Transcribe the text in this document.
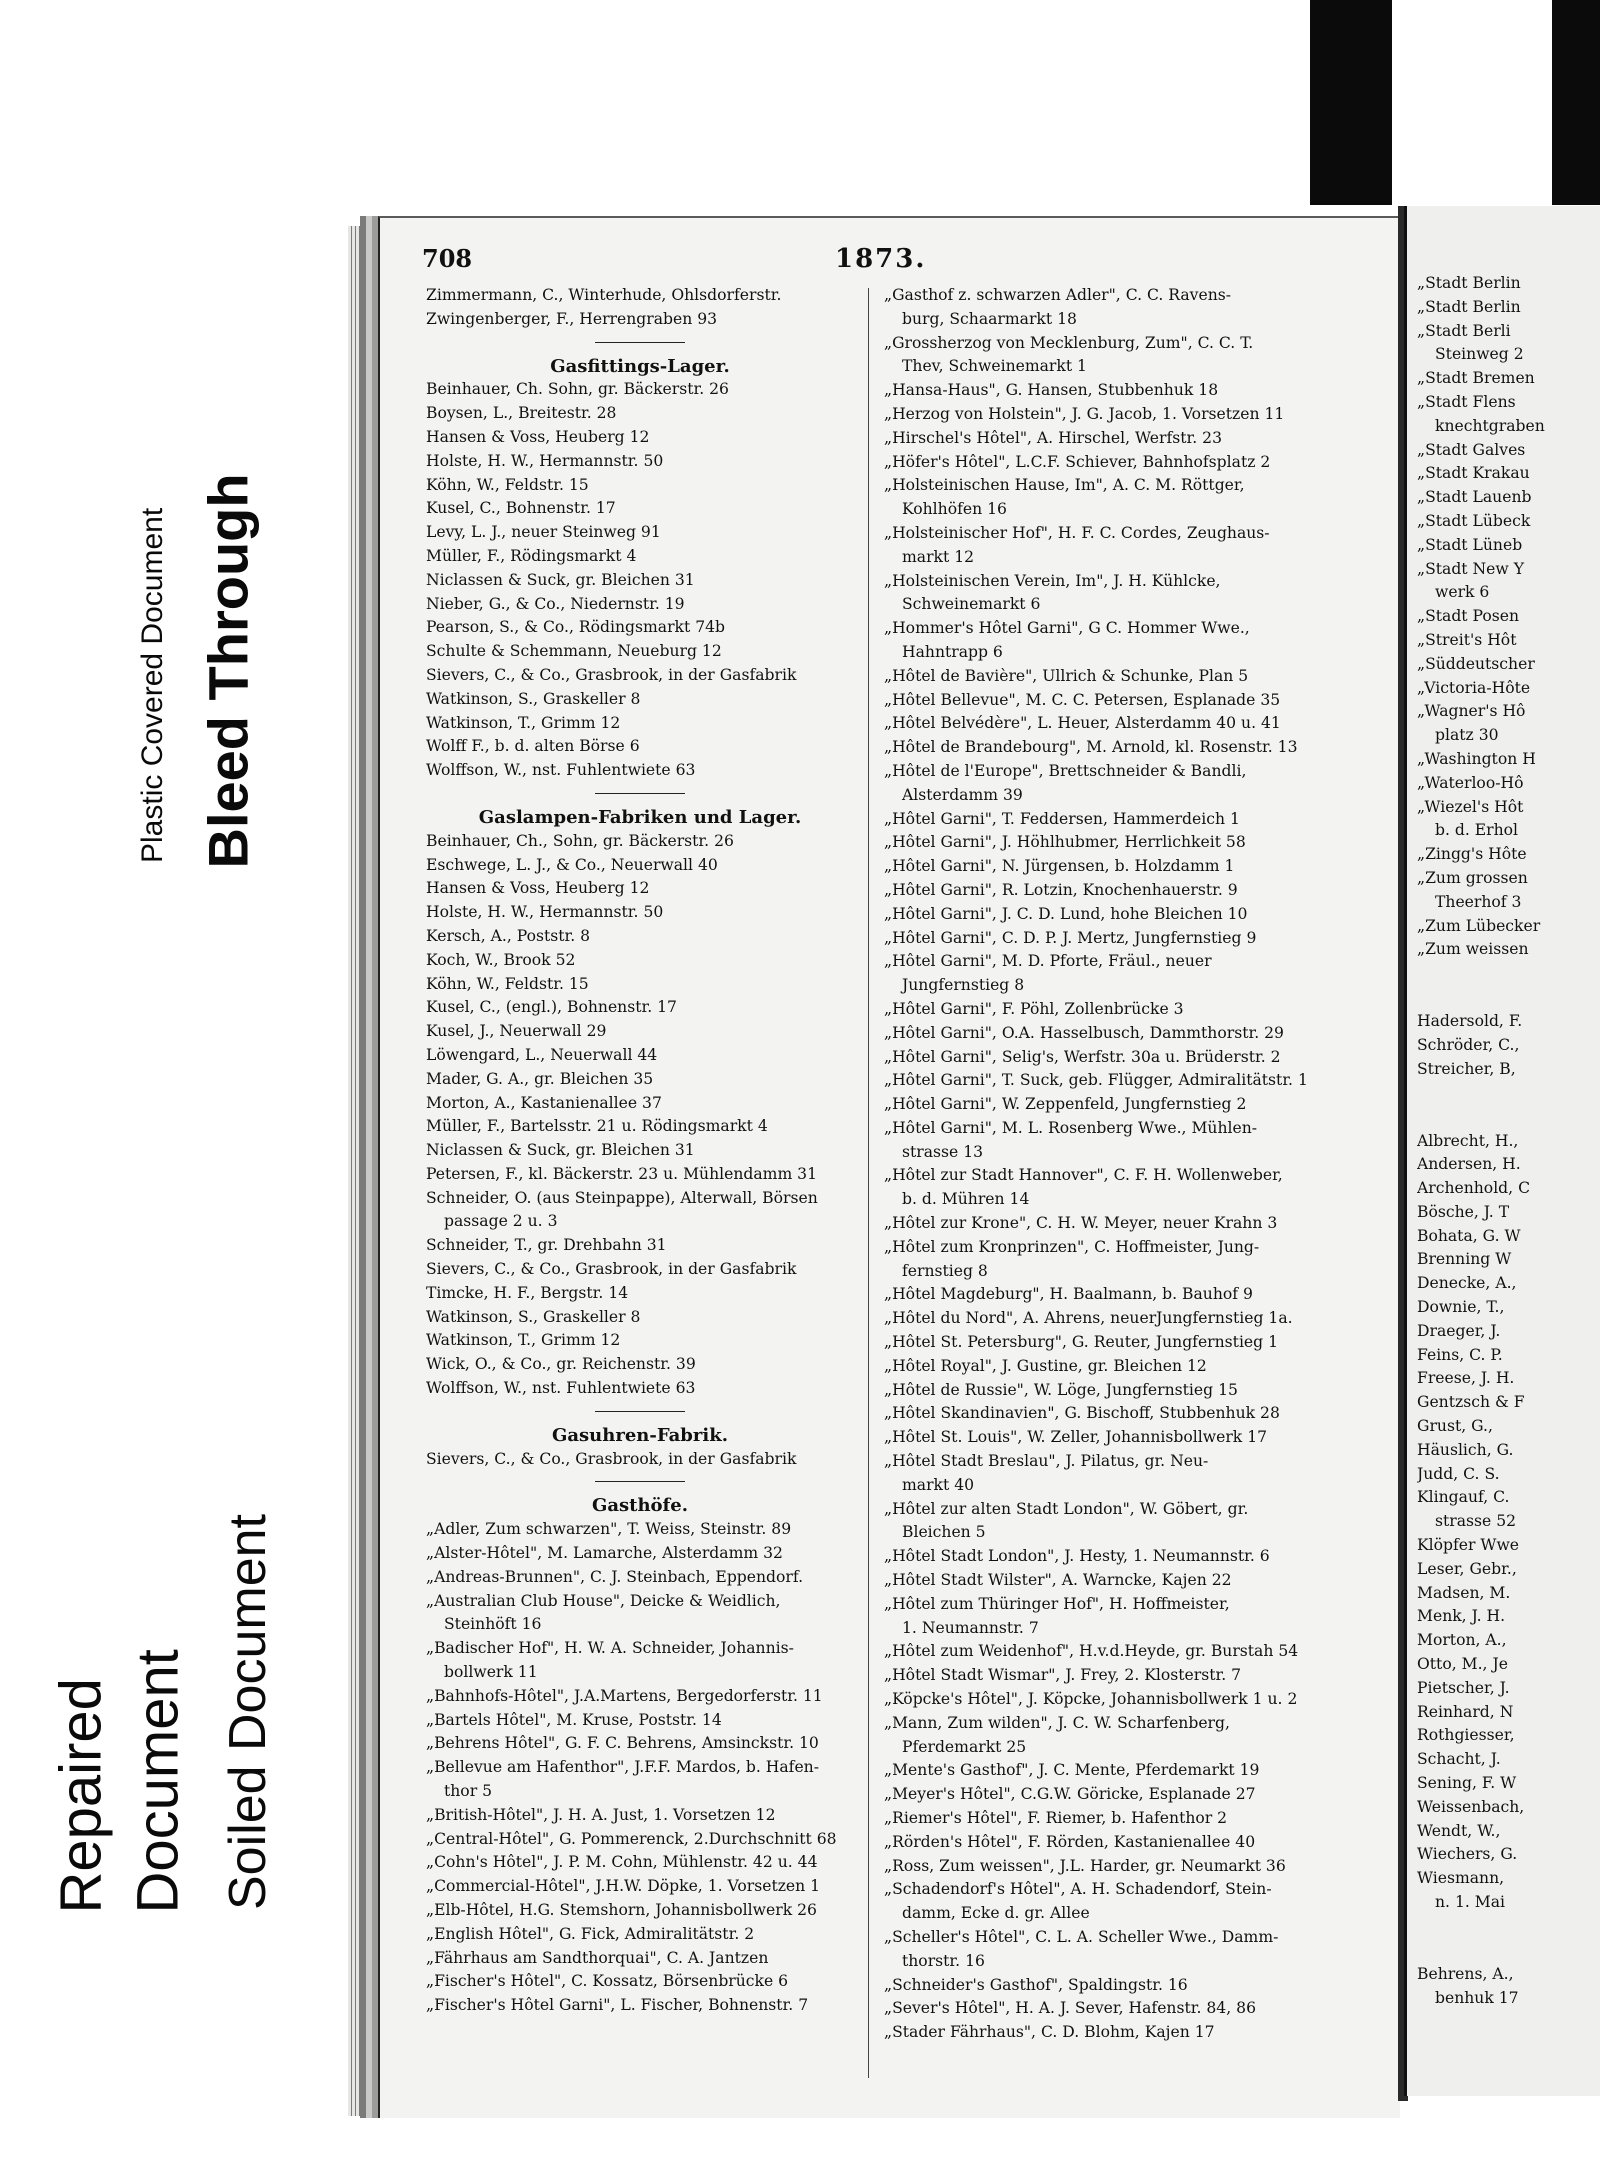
Plastic Covered Document Bleed Through
Repaired Document Soiled Document
708	1873.
Zimmermann, C., Winterhude, Ohlsdorferstr.
Zwingenberger, F., Herrengraben 93
Gasfittings-Lager.
Beinhauer, Ch. Sohn, gr. Bäckerstr. 26
Boysen, L., Breitestr. 28
Hansen & Voss, Heuberg 12
Holste, H. W., Hermannstr. 50
Köhn, W., Feldstr. 15
Kusel, C., Bohnenstr. 17
Levy, L. J., neuer Steinweg 91
Müller, F., Rödingsmarkt 4
Niclassen & Suck, gr. Bleichen 31
Nieber, G., & Co., Niedernstr. 19
Pearson, S., & Co., Rödingsmarkt 74b
Schulte & Schemmann, Neueburg 12
Sievers, C., & Co., Grasbrook, in der Gasfabrik
Watkinson, S., Graskeller 8
Watkinson, T., Grimm 12
Wolff F., b. d. alten Börse 6
Wolffson, W., nst. Fuhlentwiete 63
Gaslampen-Fabriken und Lager.
Beinhauer, Ch., Sohn, gr. Bäckerstr. 26
Eschwege, L. J., & Co., Neuerwall 40
Hansen & Voss, Heuberg 12
Holste, H. W., Hermannstr. 50
Kersch, A., Poststr. 8
Koch, W., Brook 52
Köhn, W., Feldstr. 15
Kusel, C., (engl.), Bohnenstr. 17
Kusel, J., Neuerwall 29
Löwengard, L., Neuerwall 44
Mader, G. A., gr. Bleichen 35
Morton, A., Kastanienallee 37
Müller, F., Bartelsstr. 21 u. Rödingsmarkt 4
Niclassen & Suck, gr. Bleichen 31
Petersen, F., kl. Bäckerstr. 23 u. Mühlendamm 31
Schneider, O. (aus Steinpappe), Alterwall, Börsen
passage 2 u. 3
Schneider, T., gr. Drehbahn 31
Sievers, C., & Co., Grasbrook, in der Gasfabrik
Timcke, H. F., Bergstr. 14
Watkinson, S., Graskeller 8
Watkinson, T., Grimm 12
Wick, O., & Co., gr. Reichenstr. 39
Wolffson, W., nst. Fuhlentwiete 63
Gasuhren-Fabrik.
Sievers, C., & Co., Grasbrook, in der Gasfabrik
Gasthöfe.
„Adler, Zum schwarzen", T. Weiss, Steinstr. 89
„Alster-Hôtel", M. Lamarche, Alsterdamm 32
„Andreas-Brunnen", C. J. Steinbach, Eppendorf.
„Australian Club House", Deicke & Weidlich,
Steinhöft 16
„Badischer Hof", H. W. A. Schneider, Johannis-
bollwerk 11
„Bahnhofs-Hôtel", J.A.Martens, Bergedorferstr. 11
„Bartels Hôtel", M. Kruse, Poststr. 14
„Behrens Hôtel", G. F. C. Behrens, Amsinckstr. 10
„Bellevue am Hafenthor", J.F.F. Mardos, b. Hafen-
thor 5
„British-Hôtel", J. H. A. Just, 1. Vorsetzen 12
„Central-Hôtel", G. Pommerenck, 2.Durchschnitt 68
„Cohn's Hôtel", J. P. M. Cohn, Mühlenstr. 42 u. 44
„Commercial-Hôtel", J.H.W. Döpke, 1. Vorsetzen 1
„Elb-Hôtel, H.G. Stemshorn, Johannisbollwerk 26
„English Hôtel", G. Fick, Admiralitätstr. 2
„Fährhaus am Sandthorquai", C. A. Jantzen
„Fischer's Hôtel", C. Kossatz, Börsenbrücke 6
„Fischer's Hôtel Garni", L. Fischer, Bohnenstr. 7
„Gasthof z. schwarzen Adler", C. C. Ravens-
burg, Schaarmarkt 18
„Grossherzog von Mecklenburg, Zum", C. C. T.
Thev, Schweinemarkt 1
„Hansa-Haus", G. Hansen, Stubbenhuk 18
„Herzog von Holstein", J. G. Jacob, 1. Vorsetzen 11
„Hirschel's Hôtel", A. Hirschel, Werfstr. 23
„Höfer's Hôtel", L.C.F. Schiever, Bahnhofsplatz 2
„Holsteinischen Hause, Im", A. C. M. Röttger,
Kohlhöfen 16
„Holsteinischer Hof", H. F. C. Cordes, Zeughaus-
markt 12
„Holsteinischen Verein, Im", J. H. Kühlcke,
Schweinemarkt 6
„Hommer's Hôtel Garni", G C. Hommer Wwe.,
Hahntrapp 6
„Hôtel de Bavière", Ullrich & Schunke, Plan 5
„Hôtel Bellevue", M. C. C. Petersen, Esplanade 35
„Hôtel Belvédère", L. Heuer, Alsterdamm 40 u. 41
„Hôtel de Brandebourg", M. Arnold, kl. Rosenstr. 13
„Hôtel de l'Europe", Brettschneider & Bandli,
Alsterdamm 39
„Hôtel Garni", T. Feddersen, Hammerdeich 1
„Hôtel Garni", J. Höhlhubmer, Herrlichkeit 58
„Hôtel Garni", N. Jürgensen, b. Holzdamm 1
„Hôtel Garni", R. Lotzin, Knochenhauerstr. 9
„Hôtel Garni", J. C. D. Lund, hohe Bleichen 10
„Hôtel Garni", C. D. P. J. Mertz, Jungfernstieg 9
„Hôtel Garni", M. D. Pforte, Fräul., neuer
Jungfernstieg 8
„Hôtel Garni", F. Pöhl, Zollenbrücke 3
„Hôtel Garni", O.A. Hasselbusch, Dammthorstr. 29
„Hôtel Garni", Selig's, Werfstr. 30a u. Brüderstr. 2
„Hôtel Garni", T. Suck, geb. Flügger, Admiralitätstr. 1
„Hôtel Garni", W. Zeppenfeld, Jungfernstieg 2
„Hôtel Garni", M. L. Rosenberg Wwe., Mühlen-
strasse 13
„Hôtel zur Stadt Hannover", C. F. H. Wollenweber,
b. d. Mühren 14
„Hôtel zur Krone", C. H. W. Meyer, neuer Krahn 3
„Hôtel zum Kronprinzen", C. Hoffmeister, Jung-
fernstieg 8
„Hôtel Magdeburg", H. Baalmann, b. Bauhof 9
„Hôtel du Nord", A. Ahrens, neuerJungfernstieg 1a.
„Hôtel St. Petersburg", G. Reuter, Jungfernstieg 1
„Hôtel Royal", J. Gustine, gr. Bleichen 12
„Hôtel de Russie", W. Löge, Jungfernstieg 15
„Hôtel Skandinavien", G. Bischoff, Stubbenhuk 28
„Hôtel St. Louis", W. Zeller, Johannisbollwerk 17
„Hôtel Stadt Breslau", J. Pilatus, gr. Neu-
markt 40
„Hôtel zur alten Stadt London", W. Göbert, gr.
Bleichen 5
„Hôtel Stadt London", J. Hesty, 1. Neumannstr. 6
„Hôtel Stadt Wilster", A. Warncke, Kajen 22
„Hôtel zum Thüringer Hof", H. Hoffmeister,
1. Neumannstr. 7
„Hôtel zum Weidenhof", H.v.d.Heyde, gr. Burstah 54
„Hôtel Stadt Wismar", J. Frey, 2. Klosterstr. 7
„Köpcke's Hôtel", J. Köpcke, Johannisbollwerk 1 u. 2
„Mann, Zum wilden", J. C. W. Scharfenberg,
Pferdemarkt 25
„Mente's Gasthof", J. C. Mente, Pferdemarkt 19
„Meyer's Hôtel", C.G.W. Göricke, Esplanade 27
„Riemer's Hôtel", F. Riemer, b. Hafenthor 2
„Rörden's Hôtel", F. Rörden, Kastanienallee 40
„Ross, Zum weissen", J.L. Harder, gr. Neumarkt 36
„Schadendorf's Hôtel", A. H. Schadendorf, Stein-
damm, Ecke d. gr. Allee
„Scheller's Hôtel", C. L. A. Scheller Wwe., Damm-
thorstr. 16
„Schneider's Gasthof", Spaldingstr. 16
„Sever's Hôtel", H. A. J. Sever, Hafenstr. 84, 86
„Stader Fährhaus", C. D. Blohm, Kajen 17
„Stadt Berlin
„Stadt Berlin
„Stadt Berli
Steinweg 2
„Stadt Bremen
„Stadt Flens
knechtgraben
„Stadt Galves
„Stadt Krakau
„Stadt Lauenb
„Stadt Lübeck
„Stadt Lüneb
„Stadt New Y
werk 6
„Stadt Posen
„Streit's Hôt
„Süddeutscher
„Victoria-Hôte
„Wagner's Hô
platz 30
„Washington H
„Waterloo-Hô
„Wiezel's Hôt
b. d. Erhol
„Zingg's Hôte
„Zum grossen
Theerhof 3
„Zum Lübecker
„Zum weissen
Hadersold, F.
Schröder, C.,
Streicher, B,
Albrecht, H.,
Andersen, H.
Archenhold, C
Bösche, J. T
Bohata, G. W
Brenning W
Denecke, A.,
Downie, T.,
Draeger, J.
Feins, C. P.
Freese, J. H.
Gentzsch & F
Grust, G.,
Häuslich, G.
Judd, C. S.
Klingauf, C.
strasse 52
Klöpfer Wwe
Leser, Gebr.,
Madsen, M.
Menk, J. H.
Morton, A.,
Otto, M., Je
Pietscher, J.
Reinhard, N
Rothgiesser,
Schacht, J.
Sening, F. W
Weissenbach,
Wendt, W.,
Wiechers, G.
Wiesmann,
n. 1. Mai
Behrens, A.,
benhuk 17
